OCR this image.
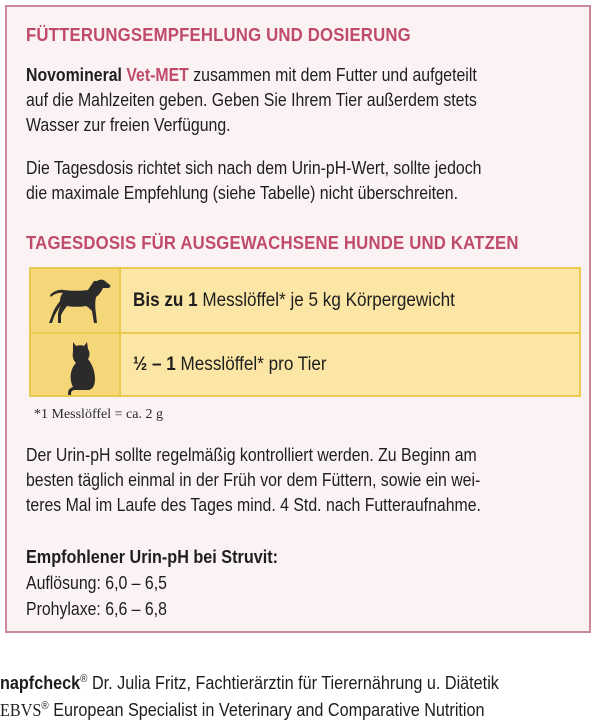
FÜTTERUNGSEMPFEHLUNG UND DOSIERUNG
Novomineral Vet-MET zusammen mit dem Futter und aufgeteilt
auf die Mahlzeiten geben. Geben Sie Ihrem Tier außerdem stets
Wasser zur freien Verfügung.
Die Tagesdosis richtet sich nach dem Urin-pH-Wert, sollte jedoch
die maximale Empfehlung (siehe Tabelle) nicht überschreiten.
TAGESDOSIS FÜR AUSGEWACHSENE HUNDE UND KATZEN
Bis zu 1 Messlöffel* je 5 kg Körpergewicht
½ – 1 Messlöffel* pro Tier
*1 Messlöffel = ca. 2 g
Der Urin-pH sollte regelmäßig kontrolliert werden. Zu Beginn am
besten täglich einmal in der Früh vor dem Füttern, sowie ein wei-
teres Mal im Laufe des Tages mind. 4 Std. nach Futteraufnahme.
Empfohlener Urin-pH bei Struvit:
Auflösung: 6,0 – 6,5
Prohylaxe: 6,6 – 6,8
napfcheck® Dr. Julia Fritz, Fachtierärztin für Tierernährung u. Diätetik
EBVS® European Specialist in Veterinary and Comparative Nutrition
